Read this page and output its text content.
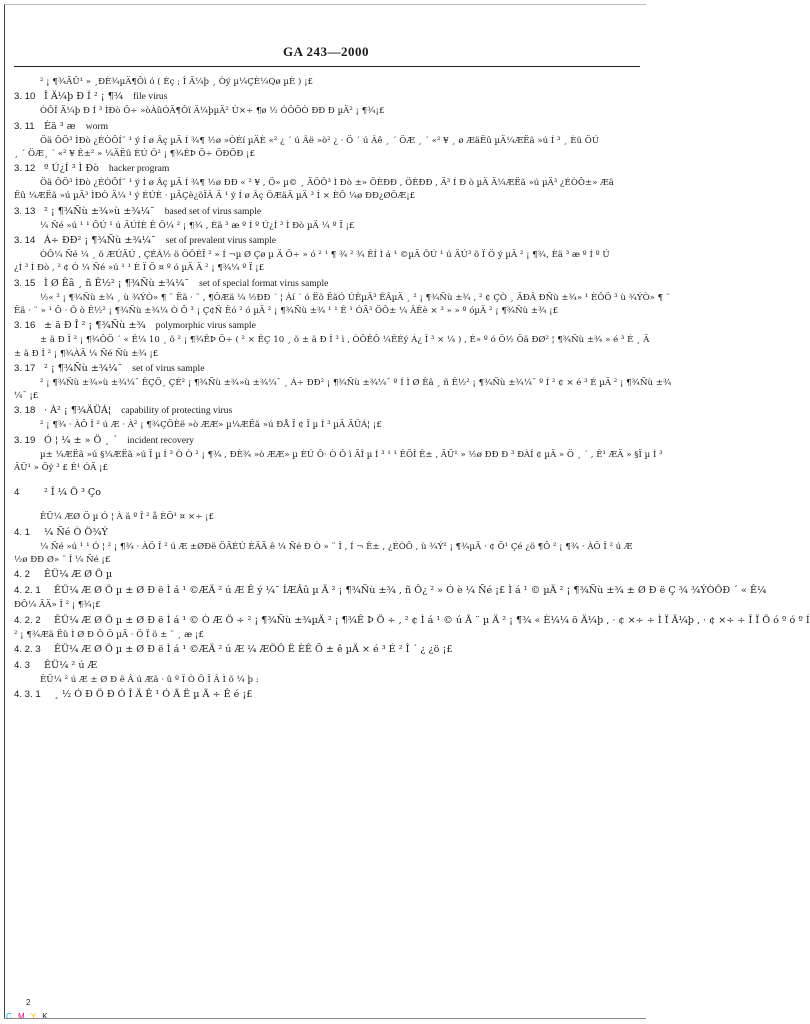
GA 243—2000

² ¡ ¶¾ÃÛ¹ » ¸ÐÈ¾µÄ¶Ôì ó ( Èç ; Î Ä¼þ ¸ Òý µ¼ÇÈ¼Qø µÈ ) ¡£

3. 10 Î Ä¼þ Ð Í ² ¡ ¶¾ file virus

ÒÔÎ Ä¼þ Ð Í ³ ÌÐò Ö÷ »òÀûÓÃ¶Ôï Ä¼þµÄ² Ù×÷ ¶ø ½ ÓÔÕÒ ÐÐ Ð µÄ² ¡ ¶¾¡£

3. 11 Èä ³ æ worm

Öä ÔÖ³ ÌÐò ¿ÉÒÔÍ¨ ¹ ý Í ø Âç µÄ Í ¾¶ ½ø »ÒÉí µÄÈ «² ¿ ´ ú Âë »ò² ¿ · Ö ´ ú Âê ¸ ´ ÖÆ ¸ ´ «² ¥ ¸ ø ÆäËû µÄ¼ÆËã »ú Í ³ ¸ Èü ÖÚ

¸ ´ ÖÆ¸ ´ «² ¥ Ê±² » ¼ÄËû ÈÚ Ö² ¡ ¶¾ÊÞ Ö÷ ÖÐÖÐ ¡£

3. 12 º Ú¿Í ³ Ì Ðò hacker program

Öä ÔÖ³ ÌÐò ¿ÉÒÔÍ¨ ¹ ý Í ø Âç µÄ Í ¾¶ ½ø ÐÐ « ² ¥ , Ö» µ© ¸ ÃÖÔ³ Ì Ðò ±» ÖÈÐÐ , ÖÈÐÐ , Ã³ Í Ð ò µÄ Ä¼ÆËã »ú µÄ³ ¿ÉÒÔ±» Æä

Ëû ¼ÆËã »ú µÄ³ ÌÐÒ Ä¼ ¹ ý ÉÚÈ · µÄÇè¿öÏÂ Ä ¹ ý Í ø Âç ÖÆäÃ µÄ ³ Í × ÈÔ ¼ø ÐÐ¿ØÖÆ¡£

3. 13 ² ¡ ¶¾Ñù ±¾»ù ±¾¼¯ based set of virus sample

¼ Ñé »ú ¹ ¹ ÔÚ ¹ ú ÄÚÍÈ Ê Ö¼ ² ¡ ¶¾ , Èä ³ æ º Í º Ú¿Í ³ Ì Ðò µÄ ¼ º Ï ¡£

3. 14 Á÷ ÐÐ² ¡ ¶¾Ñù ±¾¼¯ set of prevalent virus sample

ÒÔ¼ Ñé ¼ ¸ ö ÆÚÄÚ , ÇÉÁ½ ö ÖÔÉÏ ² » Í ¬µ Ø Çø µ Ä Ö÷ » ó ² ¹ ¶ ¾ ² ¾ ÊÍ Ì á ¹ ©µÄ ÔÚ ¹ ú ÄÚ³ õ Ï Ö ý µÄ ² ¡ ¶¾, Èä ³ æ º Í º Ú

¿Í ³ Ì Ðò , ² ¢ Ó ¼ Ñé »ú ¹ ¹ È Ï Õ ¤ º ó µÄ Ä ² ¡ ¶¾¼ º Ï ¡£

3. 15 Ì Ø Êâ ¸ ñ Ê½² ¡ ¶¾Ñù ±¾¼¯ set of special format virus sample

½« ² ¡ ¶¾Ñù ±¾ ¸ ù ¾ÝÒ» ¶ ¨ Ëã · ¨ , ¶ÔÆä ¼ ½ÐÐ ´ ¦ Àí ´ ó Ëõ ËãÓ ÚÊµÄ³ ÊÂµÄ ¸ ² ¡ ¶¾Ñù ±¾ , ² ¢ ÇÒ ¸ ÃÐÂ ÐÑù ±¾» ¹ ÈÔÖ ³ ù ¾ÝÒ» ¶ ¨

Ëã · ¨ » ¹ Ô · Ô ò Ê½² ¡ ¶¾Ñù ±¾¼ Ò Ô ³ ¡ Ç¢Ñ Ëó ² ó µÄ ² ¡ ¶¾Ñù ±¾ ¹ ¹ Ê ¹ ÓÃ³ ÖÔ± ¼ ÂÊè × ³ » » º óµÄ ² ¡ ¶¾Ñù ±¾ ¡£

3. 16 ± ä Ð Î ² ¡ ¶¾Ñù ±¾ polymorphic virus sample

± ä Ð Î ² ¡ ¶¾ÔÖ ´ « Ê¼ 10 ¸ ö ² ¡ ¶¾ÊÞ Ö÷ ( ² × ÊÇ 10 ¸ õ ± ä Ð Î ³ ì , ÒÔÊÔ ¼ÊÉý Á¿ Î ³ × ¼ ) , È» º ó Ö½ Öä ÐØ² ¦ ¶¾Ñù ±¾ » é ³ É ¸ Ä

± ä Ð Î ² ¡ ¶¾ÀÄ ¼ Ñé Ñù ±¾ ¡£

3. 17 ² ¡ ¶¾Ñù ±¾¼¯ set of virus sample

² ¡ ¶¾Ñù ±¾»ù ±¾¼¯ ÊÇÖ¸ ÇÉ² ¡ ¶¾Ñù ±¾»ù ±¾¼¯ ¸ Á÷ ÐÐ² ¡ ¶¾Ñù ±¾¼¯ º Í Ì Ø Êâ ¸ ñ Ê½² ¡ ¶¾Ñù ±¾¼¯ º Í ² ¢ × é ³ É µÄ ² ¡ ¶¾Ñù ±¾

¼¯ ¡£

3. 18 · À² ¡ ¶¾ÄÜÁ¦ capability of protecting virus

² ¡ ¶¾ · ÀÖ Î ² ú Æ · À² ¡ ¶¾ÇÖÈë »ò ÆÆ» µ¼ÆËã »ú ÐÅ Ï ¢ Ï µ Í ³ µÄ ÄÜÁ¦ ¡£

3. 19 Ó ¦ ¼ ± » Ö ¸ ´ incident recovery

µ± ¼ÆËã »ú §¼ÆËã »ú Ï µ Í ³ Ò Ò ² ¡ ¶¾ , ÐÈ¾ »ò ÆÆ» µ ÈÚ Ô· Ò Ô ì ÃÎ µ Í ³ ¹ ¹ ÊÕÎ Ê± , ÄÜ¹ » ½ø ÐÐ Ð ³ ÐÀÎ ¢ µÄ » Ö ¸ ´ , Ê¹ ÆÄ » §Ï µ Í ³

ÄÜ¹ » Õý ³ £ Ê¹ ÓÃ ¡£

4	² Î ¼ Ö ³ Ço

ÊÜ¼ ÆØ Ö µ Ó ¦ À ä º Î ² å ÈÕ¹ ¤ ×÷ ¡£

4. 1 ¼ Ñé Ò Ö¾Ý

¼ Ñé »ú ¹ ¹ Ó ¦ ² ¡ ¶¾ · ÀÖ Î ² ú Æ ±ØÐë ÖÄÉÚ ÈÄÃ ê ¼ Ñé Ð Ò » ¨ Î , Í ¬ Ê± , ¿ÉÒÔ , ù ¾Ý² ¡ ¶¾µÄ · ¢ Õ¹ Çé ¿ö ¶Ô ² ¡ ¶¾ · ÀÖ Î ² ú Æ

½ø ÐÐ Ø» ¨ Î ¼ Ñé ¡£

4. 2 ÊÜ¼ Æ Ø Ö µ

4. 2. 1 ÊÜ¼ Æ Ø Ö µ ± Ø Ð ë Ì á ¹ ©ÆÄ ² ú Æ Ê ý ¼¯ ÍÆÂû µ Ä ² ¡ ¶¾Ñù ±¾ , ñ Ô¿ ² » Ó è ¼ Ñé ¡£ Ì á ¹ © µÄ ² ¡ ¶¾Ñù ±¾ ± Ø Ð ë Ç ¾ ¾ÝÒÔÐ ´ « Ê¼

ÐÔ¼ ÃÄ» Î ² ¡ ¶¾¡£

4. 2. 2 ÊÜ¼ Æ Ø Ö µ ± Ø Ð ë Ì á ¹ © Ò Æ Ö ÷ ² ¡ ¶¾Ñù ±¾µÄ ² ¡ ¶¾Ê Þ Ö ÷ , ² ¢ Ì á ¹ © ú Ã ¨ µ Ä ² ¡ ¶¾ « È¼¼ ö Ä¼þ , · ¢ ×÷ ÷ Ì Ï Ä¼þ , · ¢ ×÷ ÷ Î Ï Ö ó º ó º Í

² ¡ ¶¾Æä Ëû Ì Ø Ð Ô Ö µÄ · Ö Ï ö ± ¨ ¸ æ ¡£

4. 2. 3 ÊÜ¼ Æ Ø Ö µ ± Ø Ð ë Ì á ¹ ©ÆÄ ² ú Æ ¼ ÆÖÔ Ë ÈÊ Õ ± ê µÄ × é ³ É ² Î ´ ¿ ¿ö ¡£

4. 3 ÊÜ¼ ² ú Æ

ÊÜ¼ ² ú Æ ± Ø Ð ë Â ú Æã · û º Ï Ò Ô Ï Â Ì õ ¼ þ :

4. 3. 1 ¸ ½ Ó Ð Ö Ð Ó Î Ä Ê ¹ Ó Ã Ë µ Ã ÷ Ê é ¡£

2
C M Y K
